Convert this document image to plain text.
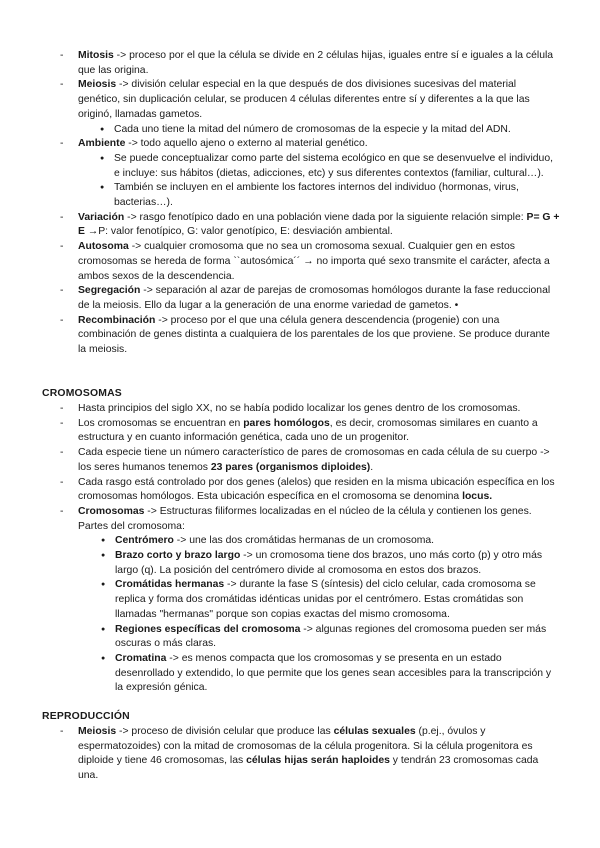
- Mitosis -> proceso por el que la célula se divide en 2 células hijas, iguales entre sí e iguales a la célula que las origina.
- Meiosis -> división celular especial en la que después de dos divisiones sucesivas del material genético, sin duplicación celular, se producen 4 células diferentes entre sí y diferentes a la que las originó, llamadas gametos.
● Cada uno tiene la mitad del número de cromosomas de la especie y la mitad del ADN.
- Ambiente -> todo aquello ajeno o externo al material genético.
● Se puede conceptualizar como parte del sistema ecológico en que se desenvuelve el individuo, e incluye: sus hábitos (dietas, adicciones, etc) y sus diferentes contextos (familiar, cultural…).
● También se incluyen en el ambiente los factores internos del individuo (hormonas, virus, bacterias…).
- Variación -> rasgo fenotípico dado en una población viene dada por la siguiente relación simple: P= G + E →P: valor fenotípico, G: valor genotípico, E: desviación ambiental.
- Autosoma -> cualquier cromosoma que no sea un cromosoma sexual. Cualquier gen en estos cromosomas se hereda de forma ``autosómica´´ → no importa qué sexo transmite el carácter, afecta a ambos sexos de la descendencia.
- Segregación -> separación al azar de parejas de cromosomas homólogos durante la fase reduccional de la meiosis. Ello da lugar a la generación de una enorme variedad de gametos. •
- Recombinación -> proceso por el que una célula genera descendencia (progenie) con una combinación de genes distinta a cualquiera de los parentales de los que proviene. Se produce durante la meiosis.
CROMOSOMAS
- Hasta principios del siglo XX, no se había podido localizar los genes dentro de los cromosomas.
- Los cromosomas se encuentran en pares homólogos, es decir, cromosomas similares en cuanto a estructura y en cuanto información genética, cada uno de un progenitor.
- Cada especie tiene un número característico de pares de cromosomas en cada célula de su cuerpo -> los seres humanos tenemos 23 pares (organismos diploides).
- Cada rasgo está controlado por dos genes (alelos) que residen en la misma ubicación específica en los cromosomas homólogos. Esta ubicación específica en el cromosoma se denomina locus.
- Cromosomas -> Estructuras filiformes localizadas en el núcleo de la célula y contienen los genes. Partes del cromosoma:
● Centrómero -> une las dos cromátidas hermanas de un cromosoma.
● Brazo corto y brazo largo -> un cromosoma tiene dos brazos, uno más corto (p) y otro más largo (q). La posición del centrómero divide al cromosoma en estos dos brazos.
● Cromátidas hermanas -> durante la fase S (síntesis) del ciclo celular, cada cromosoma se replica y forma dos cromátidas idénticas unidas por el centrómero. Estas cromátidas son llamadas "hermanas" porque son copias exactas del mismo cromosoma.
● Regiones específicas del cromosoma -> algunas regiones del cromosoma pueden ser más oscuras o más claras.
● Cromatina -> es menos compacta que los cromosomas y se presenta en un estado desenrollado y extendido, lo que permite que los genes sean accesibles para la transcripción y la expresión génica.
REPRODUCCIÓN
- Meiosis -> proceso de división celular que produce las células sexuales (p.ej., óvulos y espermatozoides) con la mitad de cromosomas de la célula progenitora. Si la célula progenitora es diploide y tiene 46 cromosomas, las células hijas serán haploides y tendrán 23 cromosomas cada una.
